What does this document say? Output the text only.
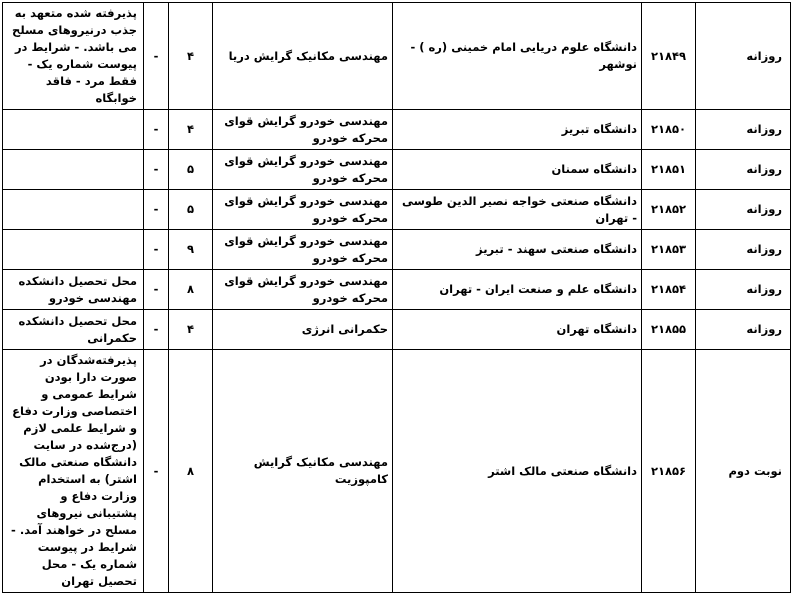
روزانه	۲۱۸۴۹	دانشگاه علوم دریایی امام خمینی (ره ) - نوشهر	مهندسی مکانیک گرایش دریا	۴	-	پذیرفته شده متعهد به جذب درنیروهای مسلح می باشد. - شرایط در پیوست شماره یک - فقط مرد - فاقد خوابگاه
روزانه	۲۱۸۵۰	دانشگاه تبریز	مهندسی خودرو گرایش قوای محرکه خودرو	۴	-	
روزانه	۲۱۸۵۱	دانشگاه سمنان	مهندسی خودرو گرایش قوای محرکه خودرو	۵	-	
روزانه	۲۱۸۵۲	دانشگاه صنعتی خواجه نصیر الدین طوسی - تهران	مهندسی خودرو گرایش قوای محرکه خودرو	۵	-	
روزانه	۲۱۸۵۳	دانشگاه صنعتی سهند - تبریز	مهندسی خودرو گرایش قوای محرکه خودرو	۹	-	
روزانه	۲۱۸۵۴	دانشگاه علم و صنعت ایران - تهران	مهندسی خودرو گرایش قوای محرکه خودرو	۸	-	محل تحصیل دانشکده مهندسی خودرو
روزانه	۲۱۸۵۵	دانشگاه تهران	حکمرانی انرژی	۴	-	محل تحصیل دانشکده حکمرانی
نوبت دوم	۲۱۸۵۶	دانشگاه صنعتی مالک اشتر	مهندسی مکانیک گرایش کامپوزیت	۸	-	پذیرفته‌شدگان در صورت دارا بودن شرایط عمومی و اختصاصی وزارت دفاع و شرایط علمی لازم (درج‌شده در سایت دانشگاه صنعتی مالک اشتر) به استخدام وزارت دفاع و پشتیبانی نیروهای مسلح در خواهند آمد. - شرایط در پیوست شماره یک - محل تحصیل تهران
